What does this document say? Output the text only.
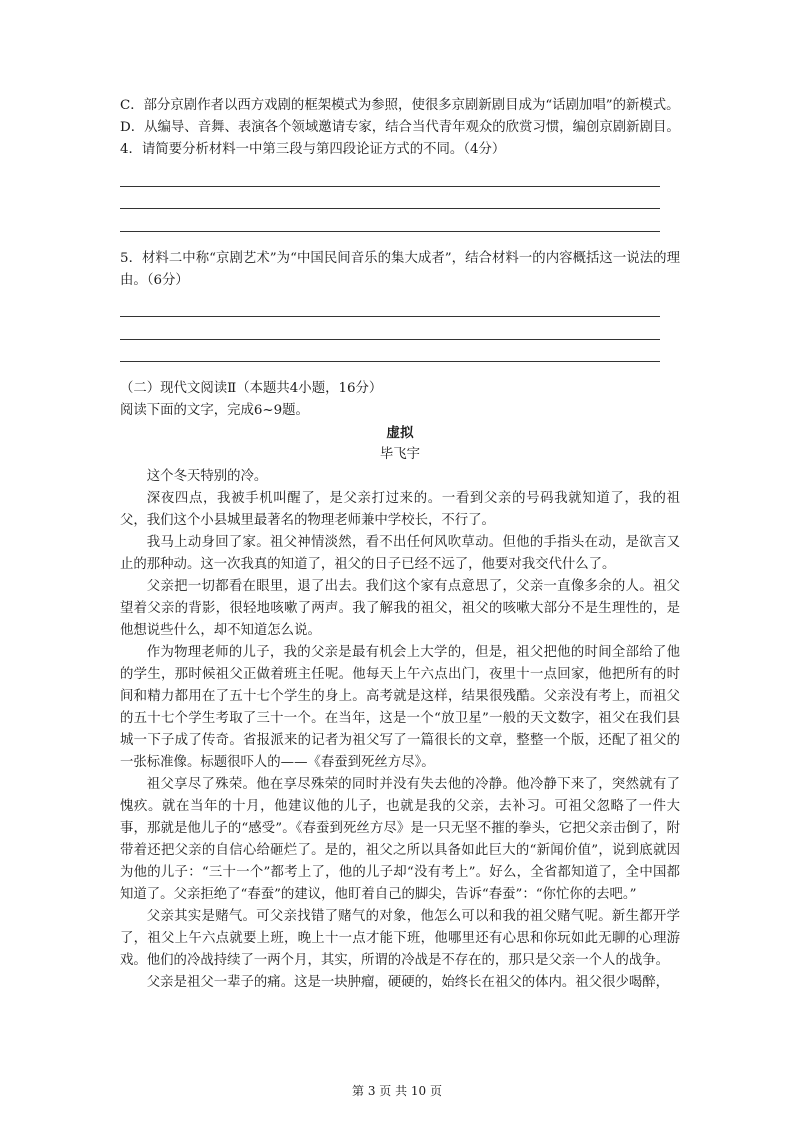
C．部分京剧作者以西方戏剧的框架模式为参照，使很多京剧新剧目成为“话剧加唱”的新模式。

D．从编导、音舞、表演各个领域邀请专家，结合当代青年观众的欣赏习惯，编创京剧新剧目。

4．请简要分析材料一中第三段与第四段论证方式的不同。（4分）

5．材料二中称“京剧艺术”为“中国民间音乐的集大成者”，结合材料一的内容概括这一说法的理由。（6分）

（二）现代文阅读Ⅱ（本题共4小题，16分）

阅读下面的文字，完成6~9题。

虚拟

毕飞宇

这个冬天特别的冷。

深夜四点，我被手机叫醒了，是父亲打过来的。一看到父亲的号码我就知道了，我的祖父，我们这个小县城里最著名的物理老师兼中学校长，不行了。

我马上动身回了家。祖父神情淡然，看不出任何风吹草动。但他的手指头在动，是欲言又止的那种动。这一次我真的知道了，祖父的日子已经不远了，他要对我交代什么了。

父亲把一切都看在眼里，退了出去。我们这个家有点意思了，父亲一直像多余的人。祖父望着父亲的背影，很轻地咳嗽了两声。我了解我的祖父，祖父的咳嗽大部分不是生理性的，是他想说些什么，却不知道怎么说。

作为物理老师的儿子，我的父亲是最有机会上大学的，但是，祖父把他的时间全部给了他的学生，那时候祖父正做着班主任呢。他每天上午六点出门，夜里十一点回家，他把所有的时间和精力都用在了五十七个学生的身上。高考就是这样，结果很残酷。父亲没有考上，而祖父的五十七个学生考取了三十一个。在当年，这是一个“放卫星”一般的天文数字，祖父在我们县城一下子成了传奇。省报派来的记者为祖父写了一篇很长的文章，整整一个版，还配了祖父的一张标准像。标题很吓人的——《春蚕到死丝方尽》。

祖父享尽了殊荣。他在享尽殊荣的同时并没有失去他的冷静。他冷静下来了，突然就有了愧疚。就在当年的十月，他建议他的儿子，也就是我的父亲，去补习。可祖父忽略了一件大事，那就是他儿子的“感受”。《春蚕到死丝方尽》是一只无坚不摧的拳头，它把父亲击倒了，附带着还把父亲的自信心给砸烂了。是的，祖父之所以具备如此巨大的“新闻价值”，说到底就因为他的儿子：“三十一个”都考上了，他的儿子却“没有考上”。好么，全省都知道了，全中国都知道了。父亲拒绝了“春蚕”的建议，他盯着自己的脚尖，告诉“春蚕”：“你忙你的去吧。”

父亲其实是赌气。可父亲找错了赌气的对象，他怎么可以和我的祖父赌气呢。新生都开学了，祖父上午六点就要上班，晚上十一点才能下班，他哪里还有心思和你玩如此无聊的心理游戏。他们的冷战持续了一两个月，其实，所谓的冷战是不存在的，那只是父亲一个人的战争。

父亲是祖父一辈子的痛。这是一块肿瘤，硬硬的，始终长在祖父的体内。祖父很少喝醉，

第 3 页 共 10 页
